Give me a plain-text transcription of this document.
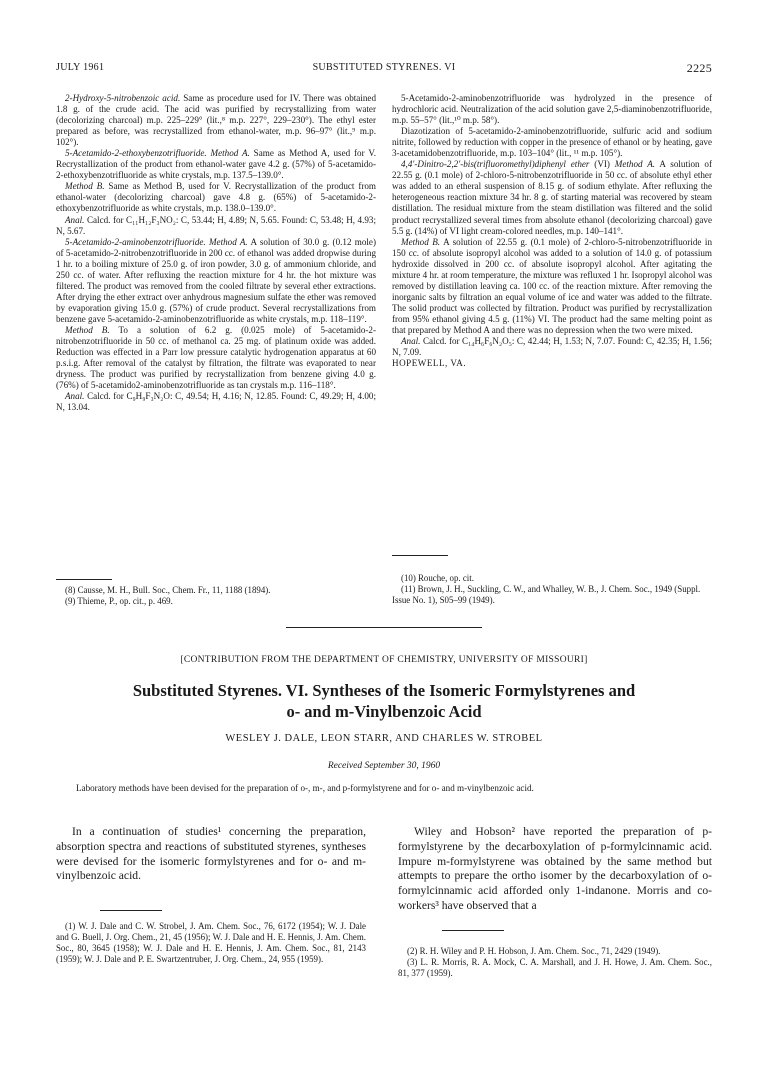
JULY 1961	SUBSTITUTED STYRENES. VI	2225

2-Hydroxy-5-nitrobenzoic acid. Same as procedure used for IV. There was obtained 1.8 g. of the crude acid. The acid was purified by recrystallizing from water (decolorizing charcoal) m.p. 225–229° (lit.,⁸ m.p. 227°, 229–230°). The ethyl ester prepared as before, was recrystallized from ethanol-water, m.p. 96–97° (lit.,⁹ m.p. 102°).

5-Acetamido-2-ethoxybenzotrifluoride. Method A. Same as Method A, used for V. Recrystallization of the product from ethanol-water gave 4.2 g. (57%) of 5-acetamido-2-ethoxybenzotrifluoride as white crystals, m.p. 137.5–139.0°.

Method B. Same as Method B, used for V. Recrystallization of the product from ethanol-water (decolorizing charcoal) gave 4.8 g. (65%) of 5-acetamido-2-ethoxybenzotrifluoride as white crystals, m.p. 138.0–139.0°.

Anal. Calcd. for C₁₁H₁₂F₃NO₂: C, 53.44; H, 4.89; N, 5.65. Found: C, 53.48; H, 4.93; N, 5.67.

5-Acetamido-2-aminobenzotrifluoride. Method A. A solution of 30.0 g. (0.12 mole) of 5-acetamido-2-nitrobenzotrifluoride in 200 cc. of ethanol was added dropwise during 1 hr. to a boiling mixture of 25.0 g. of iron powder, 3.0 g. of ammonium chloride, and 250 cc. of water. After refluxing the reaction mixture for 4 hr. the hot mixture was filtered. The product was removed from the cooled filtrate by several ether extractions. After drying the ether extract over anhydrous magnesium sulfate the ether was removed by evaporation giving 15.0 g. (57%) of crude product. Several recrystallizations from benzene gave 5-acetamido-2-aminobenzotrifluoride as white crystals, m.p. 118–119°.

Method B. To a solution of 6.2 g. (0.025 mole) of 5-acetamido-2-nitrobenzotrifluoride in 50 cc. of methanol ca. 25 mg. of platinum oxide was added. Reduction was effected in a Parr low pressure catalytic hydrogenation apparatus at 60 p.s.i.g. After removal of the catalyst by filtration, the filtrate was evaporated to near dryness. The product was purified by recrystallization from benzene giving 4.0 g. (76%) of 5-acetamido2-aminobenzotrifluoride as tan crystals m.p. 116–118°.

Anal. Calcd. for C₉H₉F₃N₂O: C, 49.54; H, 4.16; N, 12.85. Found: C, 49.29; H, 4.00; N, 13.04.

(8) Causse, M. H., Bull. Soc., Chem. Fr., 11, 1188 (1894).

(9) Thieme, P., op. cit., p. 469.

5-Acetamido-2-aminobenzotrifluoride was hydrolyzed in the presence of hydrochloric acid. Neutralization of the acid solution gave 2,5-diaminobenzotrifluoride, m.p. 55–57° (lit.,¹⁰ m.p. 58°).

Diazotization of 5-acetamido-2-aminobenzotrifluoride, sulfuric acid and sodium nitrite, followed by reduction with copper in the presence of ethanol or by heating, gave 3-acetamidobenzotrifluoride, m.p. 103–104° (lit., ¹¹ m.p. 105°).

4,4′-Dinitro-2,2′-bis(trifluoromethyl)diphenyl ether (VI) Method A. A solution of 22.55 g. (0.1 mole) of 2-chloro-5-nitrobenzotrifluoride in 50 cc. of absolute ethyl ether was added to an etheral suspension of 8.15 g. of sodium ethylate. After refluxing the heterogeneous reaction mixture 34 hr. 8 g. of starting material was recovered by steam distillation. The residual mixture from the steam distillation was filtered and the solid product recrystallized several times from absolute ethanol (decolorizing charcoal) gave 5.5 g. (14%) of VI light cream-colored needles, m.p. 140–141°.

Method B. A solution of 22.55 g. (0.1 mole) of 2-chloro-5-nitrobenzotrifluoride in 150 cc. of absolute isopropyl alcohol was added to a solution of 14.0 g. of potassium hydroxide dissolved in 200 cc. of absolute isopropyl alcohol. After agitating the mixture 4 hr. at room temperature, the mixture was refluxed 1 hr. Isopropyl alcohol was removed by distillation leaving ca. 100 cc. of the reaction mixture. After removing the inorganic salts by filtration an equal volume of ice and water was added to the filtrate. The solid product was collected by filtration. Product was purified by recrystallization from 95% ethanol giving 4.5 g. (11%) VI. The product had the same melting point as that prepared by Method A and there was no depression when the two were mixed.

Anal. Calcd. for C₁₄H₆F₆N₂O₅: C, 42.44; H, 1.53; N, 7.07. Found: C, 42.35; H, 1.56; N, 7.09.

HOPEWELL, VA.

(10) Rouche, op. cit.

(11) Brown, J. H., Suckling, C. W., and Whalley, W. B., J. Chem. Soc., 1949 (Suppl. Issue No. 1), S05–99 (1949).

[CONTRIBUTION FROM THE DEPARTMENT OF CHEMISTRY, UNIVERSITY OF MISSOURI]
Substituted Styrenes. VI. Syntheses of the Isomeric Formylstyrenes and
o- and m-Vinylbenzoic Acid
WESLEY J. DALE, LEON STARR, AND CHARLES W. STROBEL
Received September 30, 1960
Laboratory methods have been devised for the preparation of o-, m-, and p-formylstyrene and for o- and m-vinylbenzoic acid.

In a continuation of studies¹ concerning the preparation, absorption spectra and reactions of substituted styrenes, syntheses were devised for the isomeric formylstyrenes and for o- and m-vinylbenzoic acid.

Wiley and Hobson² have reported the preparation of p-formylstyrene by the decarboxylation of p-formylcinnamic acid. Impure m-formylstyrene was obtained by the same method but attempts to prepare the ortho isomer by the decarboxylation of o-formylcinnamic acid afforded only 1-indanone. Morris and co-workers³ have observed that a

(1) W. J. Dale and C. W. Strobel, J. Am. Chem. Soc., 76, 6172 (1954); W. J. Dale and G. Buell, J. Org. Chem., 21, 45 (1956); W. J. Dale and H. E. Hennis, J. Am. Chem. Soc., 80, 3645 (1958); W. J. Dale and H. E. Hennis, J. Am. Chem. Soc., 81, 2143 (1959); W. J. Dale and P. E. Swartzentruber, J. Org. Chem., 24, 955 (1959).

(2) R. H. Wiley and P. H. Hobson, J. Am. Chem. Soc., 71, 2429 (1949).

(3) L. R. Morris, R. A. Mock, C. A. Marshall, and J. H. Howe, J. Am. Chem. Soc., 81, 377 (1959).
